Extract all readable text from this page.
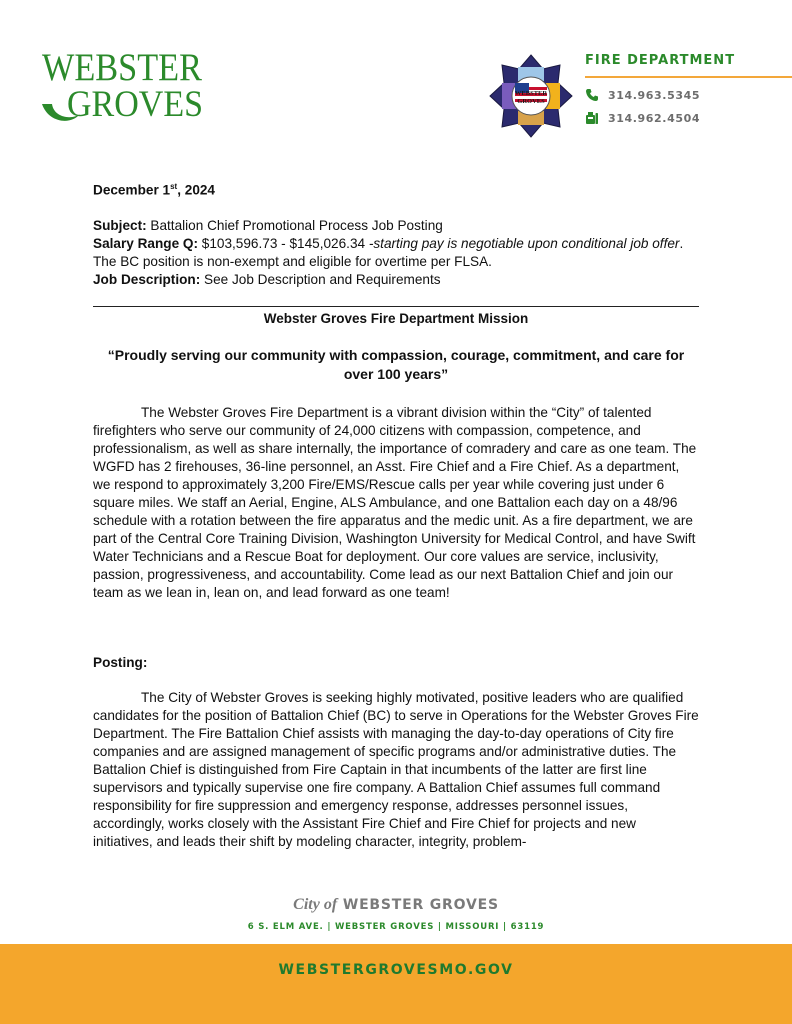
WEBSTER
GROVES	WEBSTER
GROVES
FIRE DEPARTMENT
314.963.5345
314.962.4504
December 1st, 2024
Subject: Battalion Chief Promotional Process Job Posting
Salary Range Q: $103,596.73 - $145,026.34 -starting pay is negotiable upon conditional job offer. The BC position is non-exempt and eligible for overtime per FLSA.
Job Description: See Job Description and Requirements
Webster Groves Fire Department Mission
“Proudly serving our community with compassion, courage, commitment, and care for over 100 years”
The Webster Groves Fire Department is a vibrant division within the “City” of talented firefighters who serve our community of 24,000 citizens with compassion, competence, and professionalism, as well as share internally, the importance of comradery and care as one team. The WGFD has 2 firehouses, 36-line personnel, an Asst. Fire Chief and a Fire Chief. As a department, we respond to approximately 3,200 Fire/EMS/Rescue calls per year while covering just under 6 square miles. We staff an Aerial, Engine, ALS Ambulance, and one Battalion each day on a 48/96 schedule with a rotation between the fire apparatus and the medic unit. As a fire department, we are part of the Central Core Training Division, Washington University for Medical Control, and have Swift Water Technicians and a Rescue Boat for deployment. Our core values are service, inclusivity, passion, progressiveness, and accountability. Come lead as our next Battalion Chief and join our team as we lean in, lean on, and lead forward as one team!
Posting:
The City of Webster Groves is seeking highly motivated, positive leaders who are qualified candidates for the position of Battalion Chief (BC) to serve in Operations for the Webster Groves Fire Department. The Fire Battalion Chief assists with managing the day-to-day operations of City fire companies and are assigned management of specific programs and/or administrative duties. The Battalion Chief is distinguished from Fire Captain in that incumbents of the latter are first line supervisors and typically supervise one fire company. A Battalion Chief assumes full command responsibility for fire suppression and emergency response, addresses personnel issues, accordingly, works closely with the Assistant Fire Chief and Fire Chief for projects and new initiatives, and leads their shift by modeling character, integrity, problem-
City of WEBSTER GROVES
6 S. ELM AVE. | WEBSTER GROVES | MISSOURI | 63119
WEBSTERGROVESMO.GOV
